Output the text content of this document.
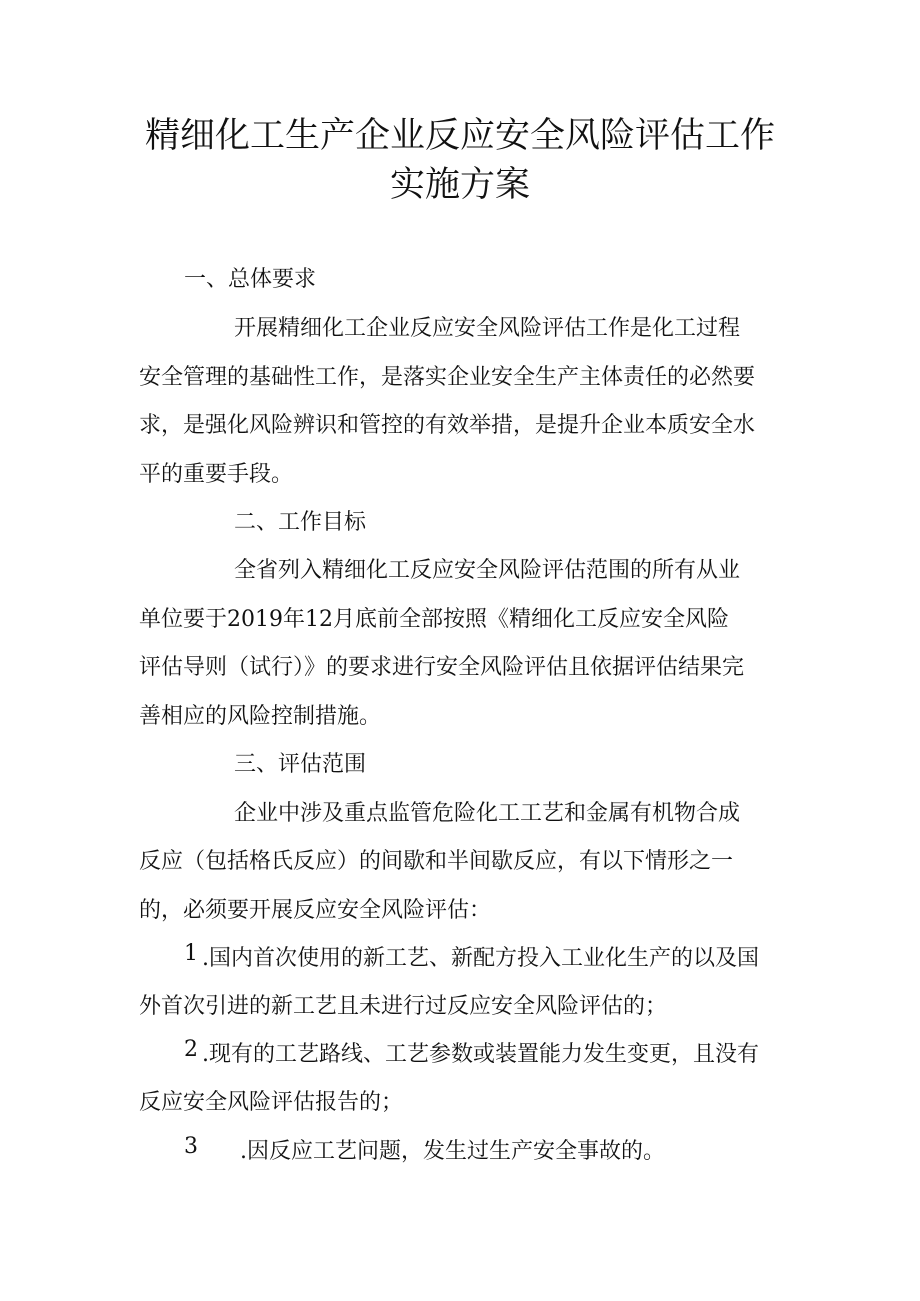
精细化工生产企业反应安全风险评估工作
实施方案
一、总体要求
开展精细化工企业反应安全风险评估工作是化工过程
安全管理的基础性工作，是落实企业安全生产主体责任的必然要
求，是强化风险辨识和管控的有效举措，是提升企业本质安全水
平的重要手段。
二、工作目标
全省列入精细化工反应安全风险评估范围的所有从业
单位要于2019年12月底前全部按照《精细化工反应安全风险
评估导则（试行）》的要求进行安全风险评估且依据评估结果完
善相应的风险控制措施。
三、评估范围
企业中涉及重点监管危险化工工艺和金属有机物合成
反应（包括格氏反应）的间歇和半间歇反应，有以下情形之一
的，必须要开展反应安全风险评估：
1 .国内首次使用的新工艺、新配方投入工业化生产的以及国
外首次引进的新工艺且未进行过反应安全风险评估的；
2 .现有的工艺路线、工艺参数或装置能力发生变更，且没有
反应安全风险评估报告的；
3 .因反应工艺问题，发生过生产安全事故的。
